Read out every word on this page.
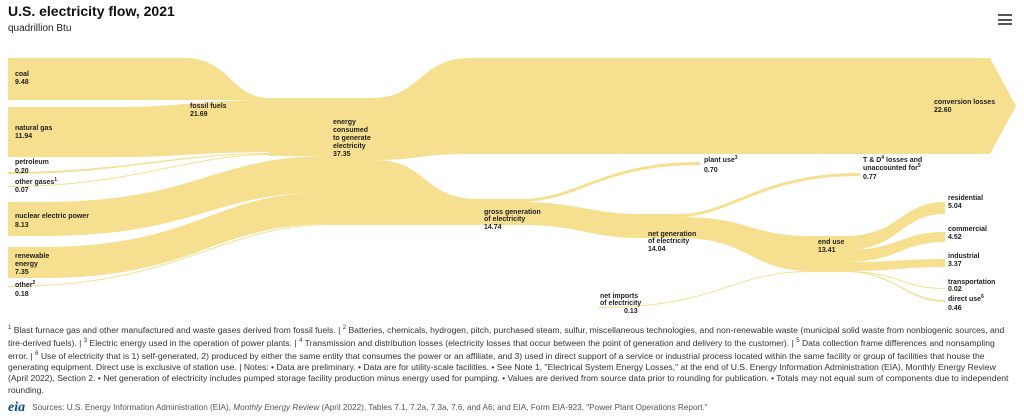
U.S. electricity flow, 2021
quadrillion Btu
coal
9.48
natural gas
11.94
petroleum
0.20
other gases$^1$
0.07
nuclear electric power
8.13
renewable
energy
7.35
other$^2$
0.18
fossil fuels
21.69
energy
consumed
to generate
electricity
37.35
conversion losses
22.60
gross generation
of electricity
14.74
plant use$^3$
0.70
T & $D^4$ losses and
unaccounted for$^5$
0.77
net generation
of electricity
14.04
net imports
of electricity
0.13
end use
13.41
residential
5.04
commercial
4.52
industrial
3.37
transportation
0.02
direct use$^6$
0.46
$^1$ Blast furnace gas and other manufactured and waste gases derived from fossil fuels. | $^2$ Batteries, chemicals, hydrogen, pitch, purchased steam, sulfur, miscellaneous technologies, and non-renewable waste (municipal solid waste from nonbiogenic sources, and tire-derived fuels). | $^3$ Electric energy used in the operation of power plants. | $^4$ Transmission and distribution losses (electricity losses that occur between the point of generation and delivery to the customer). | $^5$ Data collection frame differences and nonsampling error. | $^6$ Use of electricity that is 1) self-generated, 2) produced by either the same entity that consumes the power or an affiliate, and 3) used in direct support of a service or industrial process located within the same facility or group of facilities that house the generating equipment. Direct use is exclusive of station use. | Notes: • Data are preliminary. • Data are for utility-scale facilities. • See Note 1, "Electrical System Energy Losses," at the end of U.S. Energy Information Administration (EIA), Monthly Energy Review (April 2022), Section 2. • Net generation of electricity includes pumped storage facility production minus energy used for pumping. • Values are derived from source data prior to rounding for publication. • Totals may not equal sum of components due to independent rounding.
eia Sources: U.S. Energy Information Administration (EIA), Monthly Energy Review (April 2022), Tables 7.1, 7.2a, 7.3a, 7.6, and A6; and EIA, Form EIA-923, "Power Plant Operations Report."
